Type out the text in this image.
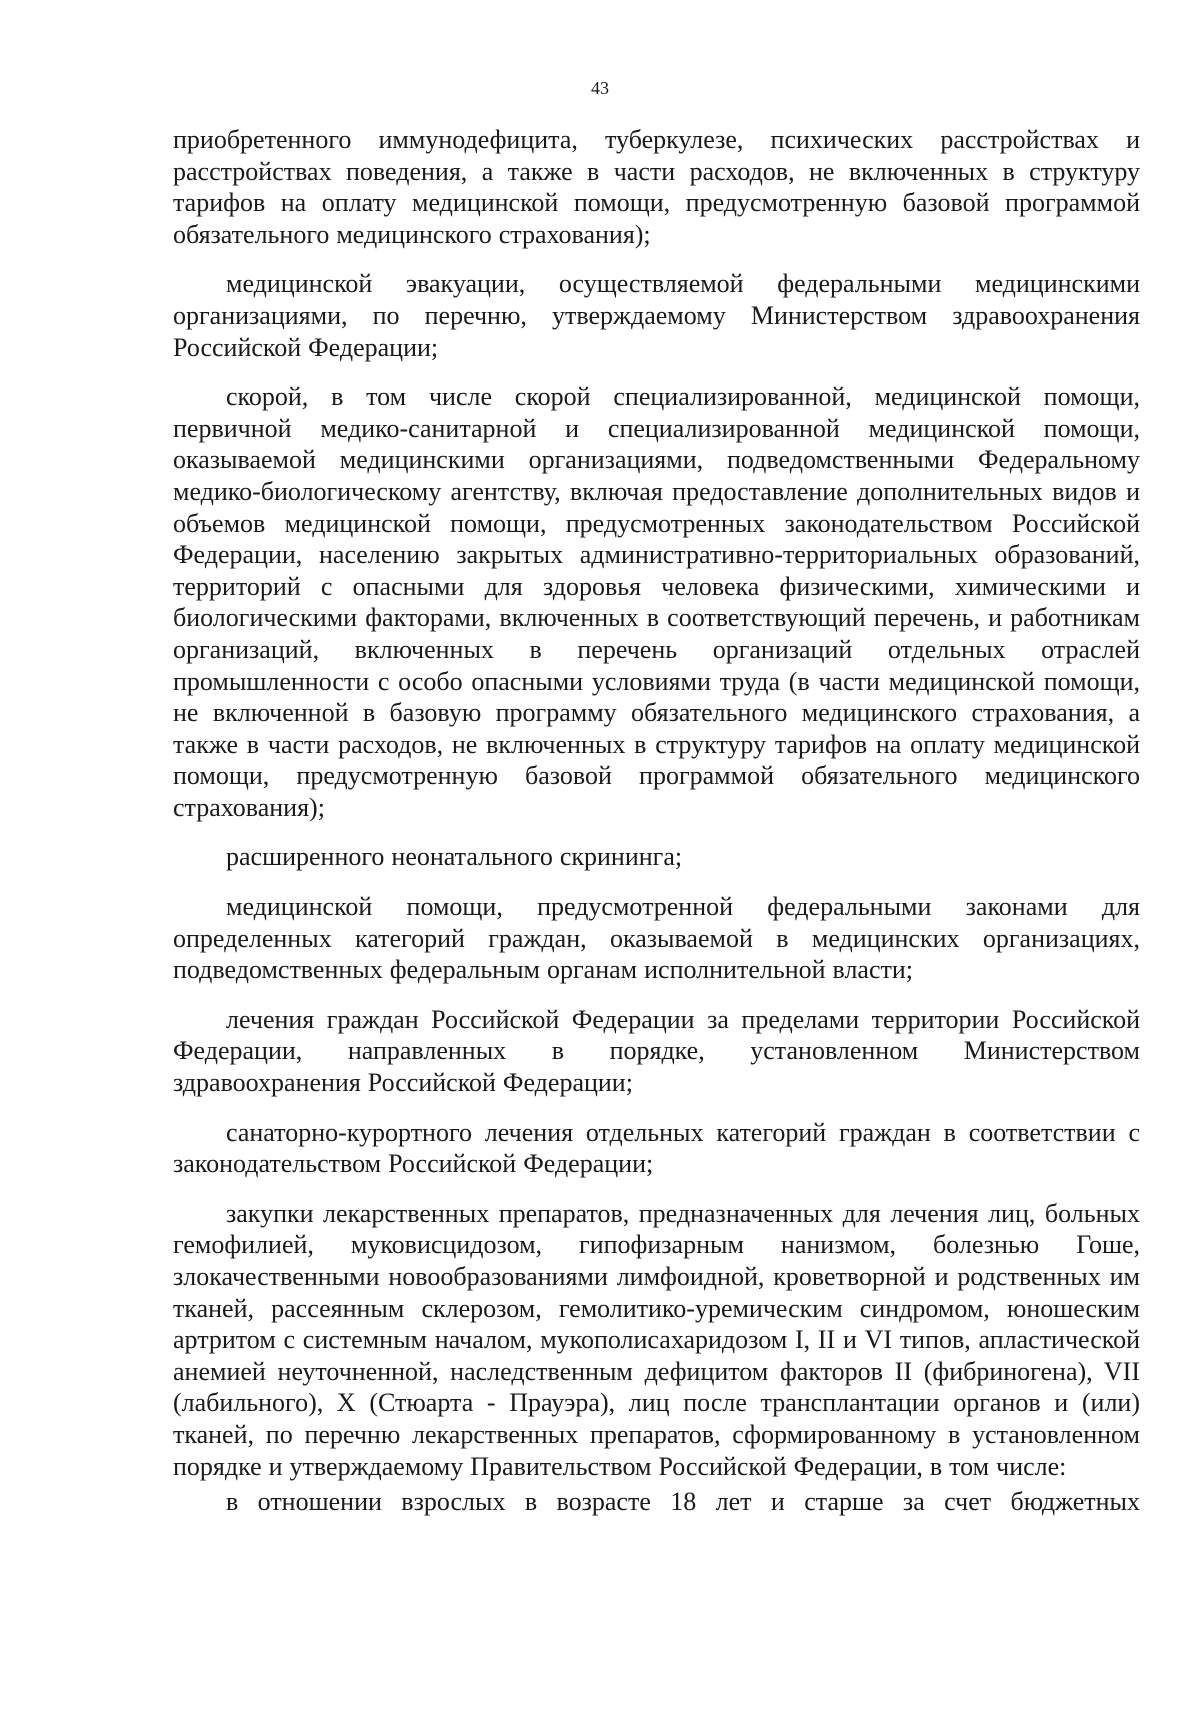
43

приобретенного иммунодефицита, туберкулезе, психических расстройствах и расстройствах поведения, а также в части расходов, не включенных в структуру тарифов на оплату медицинской помощи, предусмотренную базовой программой обязательного медицинского страхования);

медицинской эвакуации, осуществляемой федеральными медицинскими организациями, по перечню, утверждаемому Министерством здравоохранения Российской Федерации;

скорой, в том числе скорой специализированной, медицинской помощи, первичной медико-санитарной и специализированной медицинской помощи, оказываемой медицинскими организациями, подведомственными Федеральному медико-биологическому агентству, включая предоставление дополнительных видов и объемов медицинской помощи, предусмотренных законодательством Российской Федерации, населению закрытых административно-территориальных образований, территорий с опасными для здоровья человека физическими, химическими и биологическими факторами, включенных в соответствующий перечень, и работникам организаций, включенных в перечень организаций отдельных отраслей промышленности с особо опасными условиями труда (в части медицинской помощи, не включенной в базовую программу обязательного медицинского страхования, а также в части расходов, не включенных в структуру тарифов на оплату медицинской помощи, предусмотренную базовой программой обязательного медицинского страхования);

расширенного неонатального скрининга;

медицинской помощи, предусмотренной федеральными законами для определенных категорий граждан, оказываемой в медицинских организациях, подведомственных федеральным органам исполнительной власти;

лечения граждан Российской Федерации за пределами территории Российской Федерации, направленных в порядке, установленном Министерством здравоохранения Российской Федерации;

санаторно-курортного лечения отдельных категорий граждан в соответствии с законодательством Российской Федерации;

закупки лекарственных препаратов, предназначенных для лечения лиц, больных гемофилией, муковисцидозом, гипофизарным нанизмом, болезнью Гоше, злокачественными новообразованиями лимфоидной, кроветворной и родственных им тканей, рассеянным склерозом, гемолитико-уремическим синдромом, юношеским артритом с системным началом, мукополисахаридозом I, II и VI типов, апластической анемией неуточненной, наследственным дефицитом факторов II (фибриногена), VII (лабильного), X (Стюарта - Прауэра), лиц после трансплантации органов и (или) тканей, по перечню лекарственных препаратов, сформированному в установленном порядке и утверждаемому Правительством Российской Федерации, в том числе:

в отношении взрослых в возрасте 18 лет и старше за счет бюджетных
